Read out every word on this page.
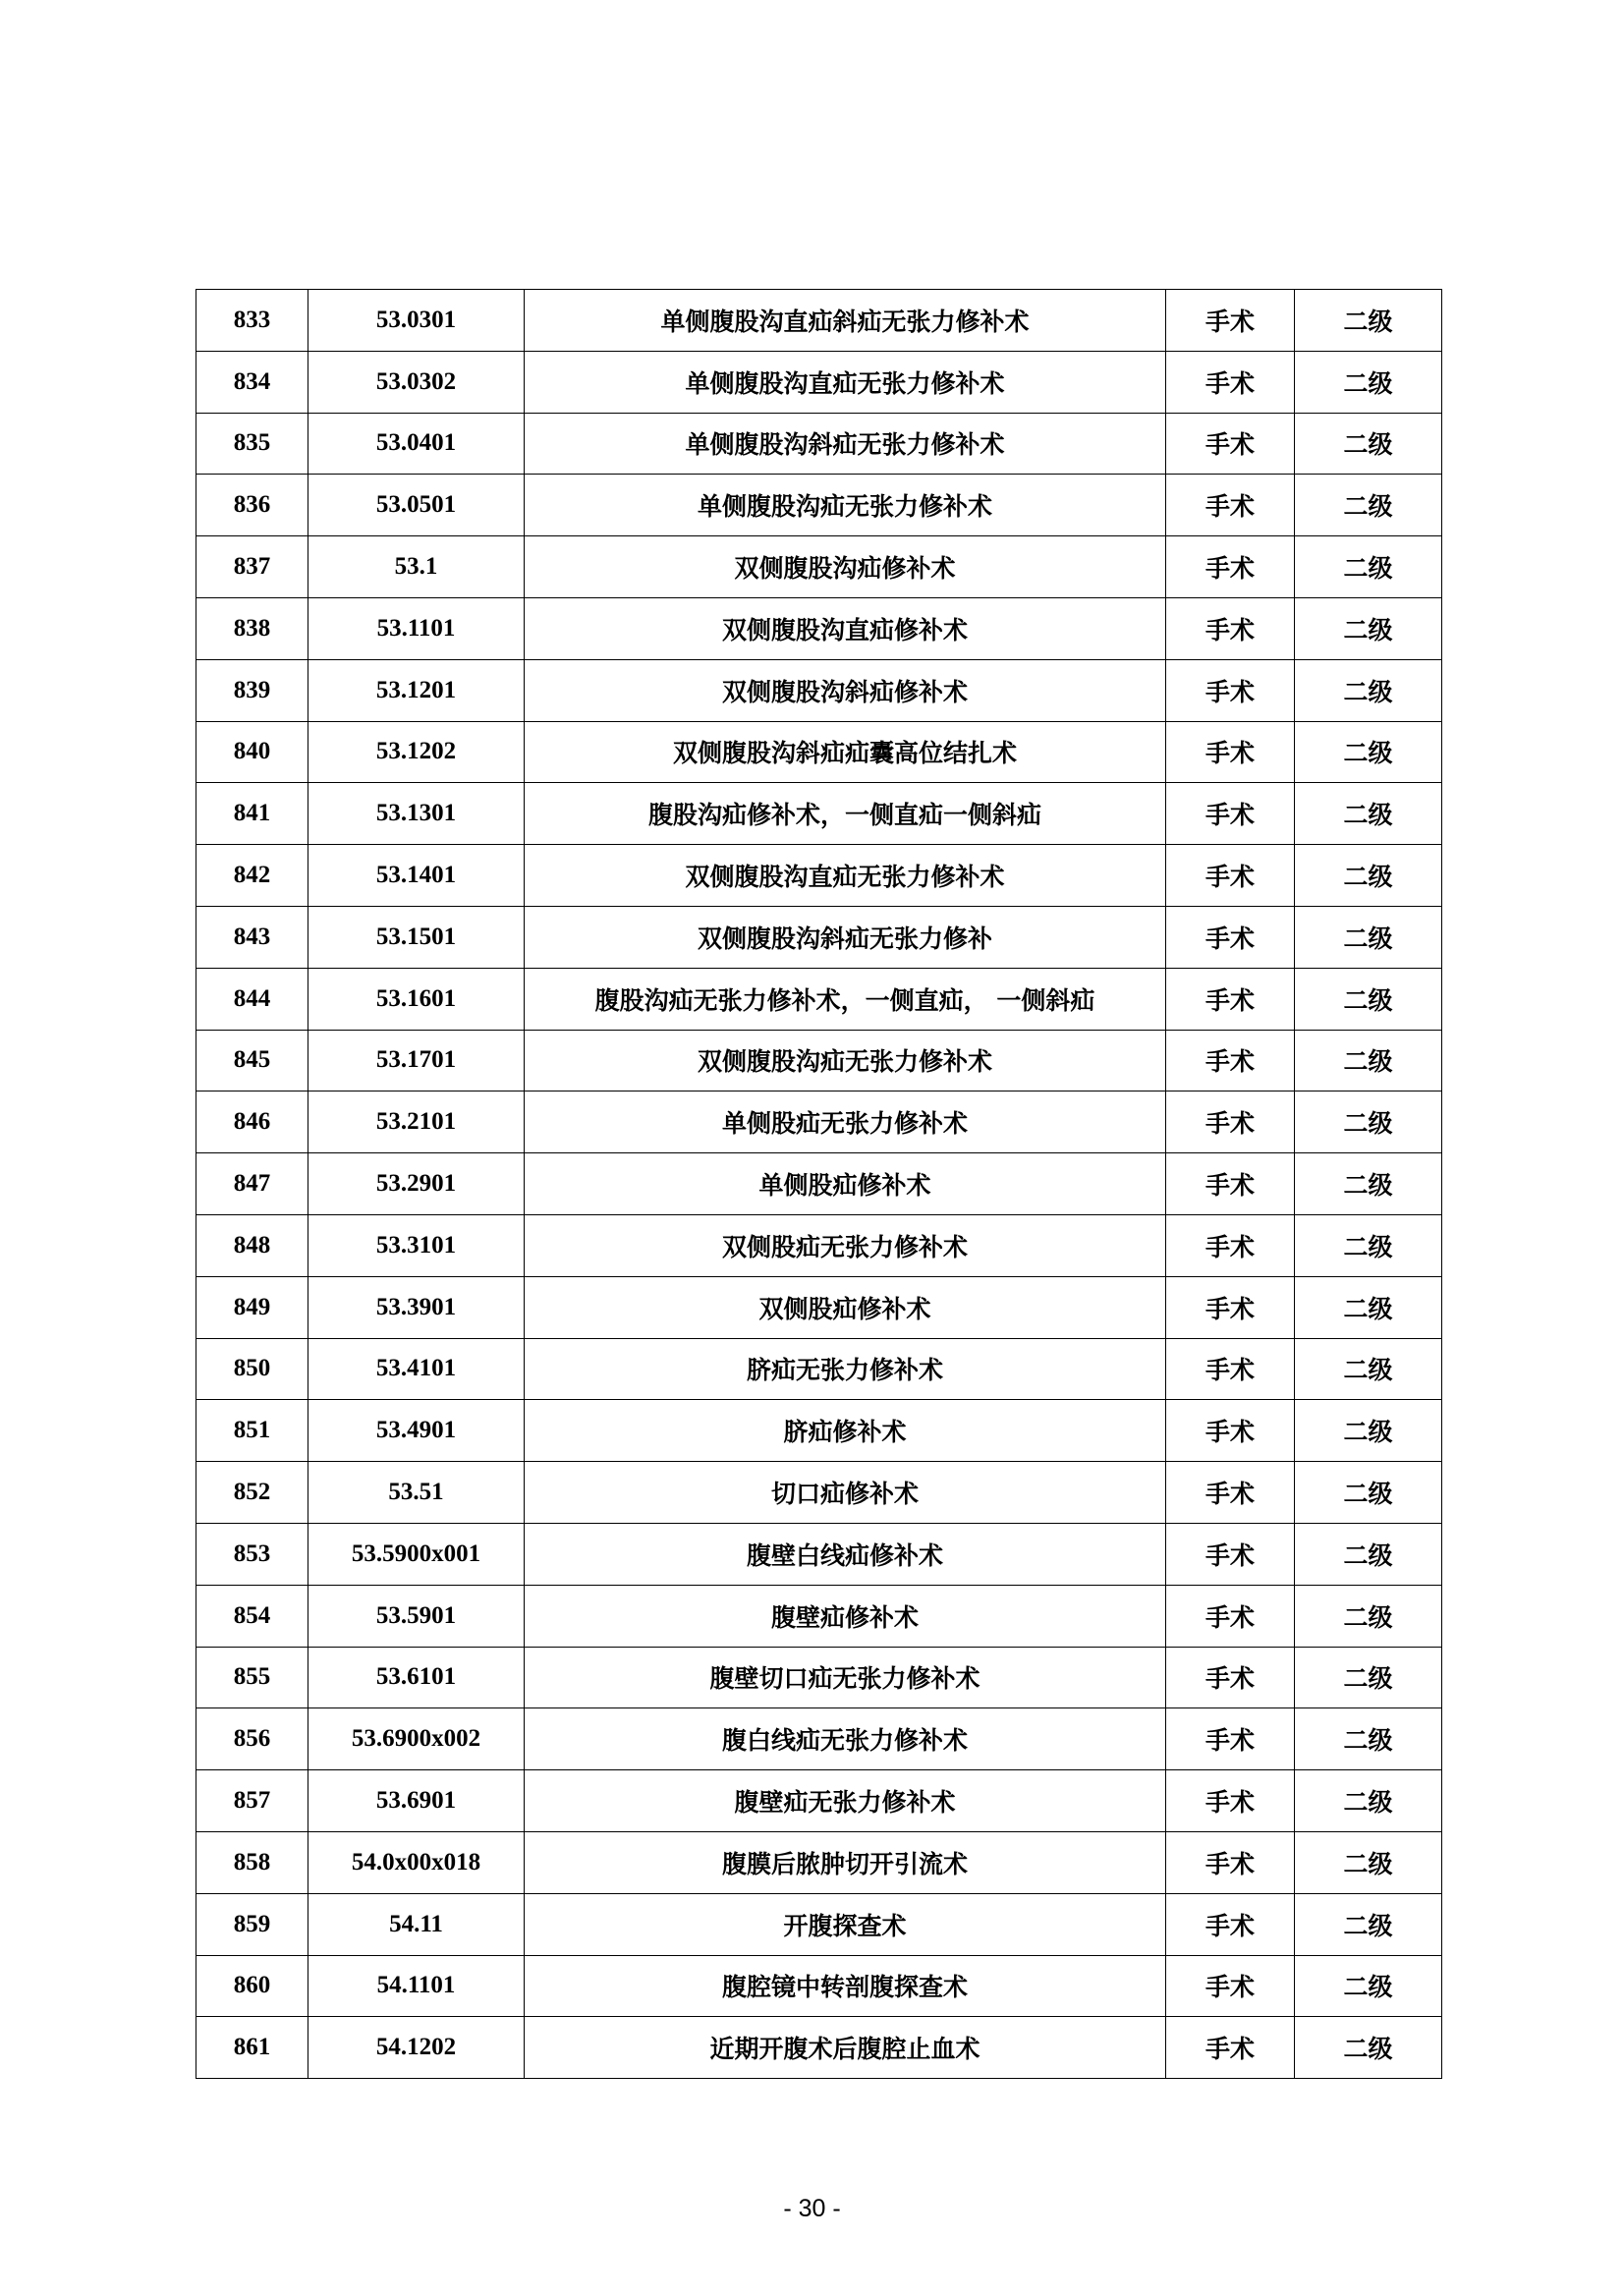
833	53.0301	单侧腹股沟直疝斜疝无张力修补术	手术	二级
834	53.0302	单侧腹股沟直疝无张力修补术	手术	二级
835	53.0401	单侧腹股沟斜疝无张力修补术	手术	二级
836	53.0501	单侧腹股沟疝无张力修补术	手术	二级
837	53.1	双侧腹股沟疝修补术	手术	二级
838	53.1101	双侧腹股沟直疝修补术	手术	二级
839	53.1201	双侧腹股沟斜疝修补术	手术	二级
840	53.1202	双侧腹股沟斜疝疝囊高位结扎术	手术	二级
841	53.1301	腹股沟疝修补术，一侧直疝一侧斜疝	手术	二级
842	53.1401	双侧腹股沟直疝无张力修补术	手术	二级
843	53.1501	双侧腹股沟斜疝无张力修补	手术	二级
844	53.1601	腹股沟疝无张力修补术，一侧直疝， 一侧斜疝	手术	二级
845	53.1701	双侧腹股沟疝无张力修补术	手术	二级
846	53.2101	单侧股疝无张力修补术	手术	二级
847	53.2901	单侧股疝修补术	手术	二级
848	53.3101	双侧股疝无张力修补术	手术	二级
849	53.3901	双侧股疝修补术	手术	二级
850	53.4101	脐疝无张力修补术	手术	二级
851	53.4901	脐疝修补术	手术	二级
852	53.51	切口疝修补术	手术	二级
853	53.5900x001	腹壁白线疝修补术	手术	二级
854	53.5901	腹壁疝修补术	手术	二级
855	53.6101	腹壁切口疝无张力修补术	手术	二级
856	53.6900x002	腹白线疝无张力修补术	手术	二级
857	53.6901	腹壁疝无张力修补术	手术	二级
858	54.0x00x018	腹膜后脓肿切开引流术	手术	二级
859	54.11	开腹探查术	手术	二级
860	54.1101	腹腔镜中转剖腹探查术	手术	二级
861	54.1202	近期开腹术后腹腔止血术	手术	二级
- 30 -
